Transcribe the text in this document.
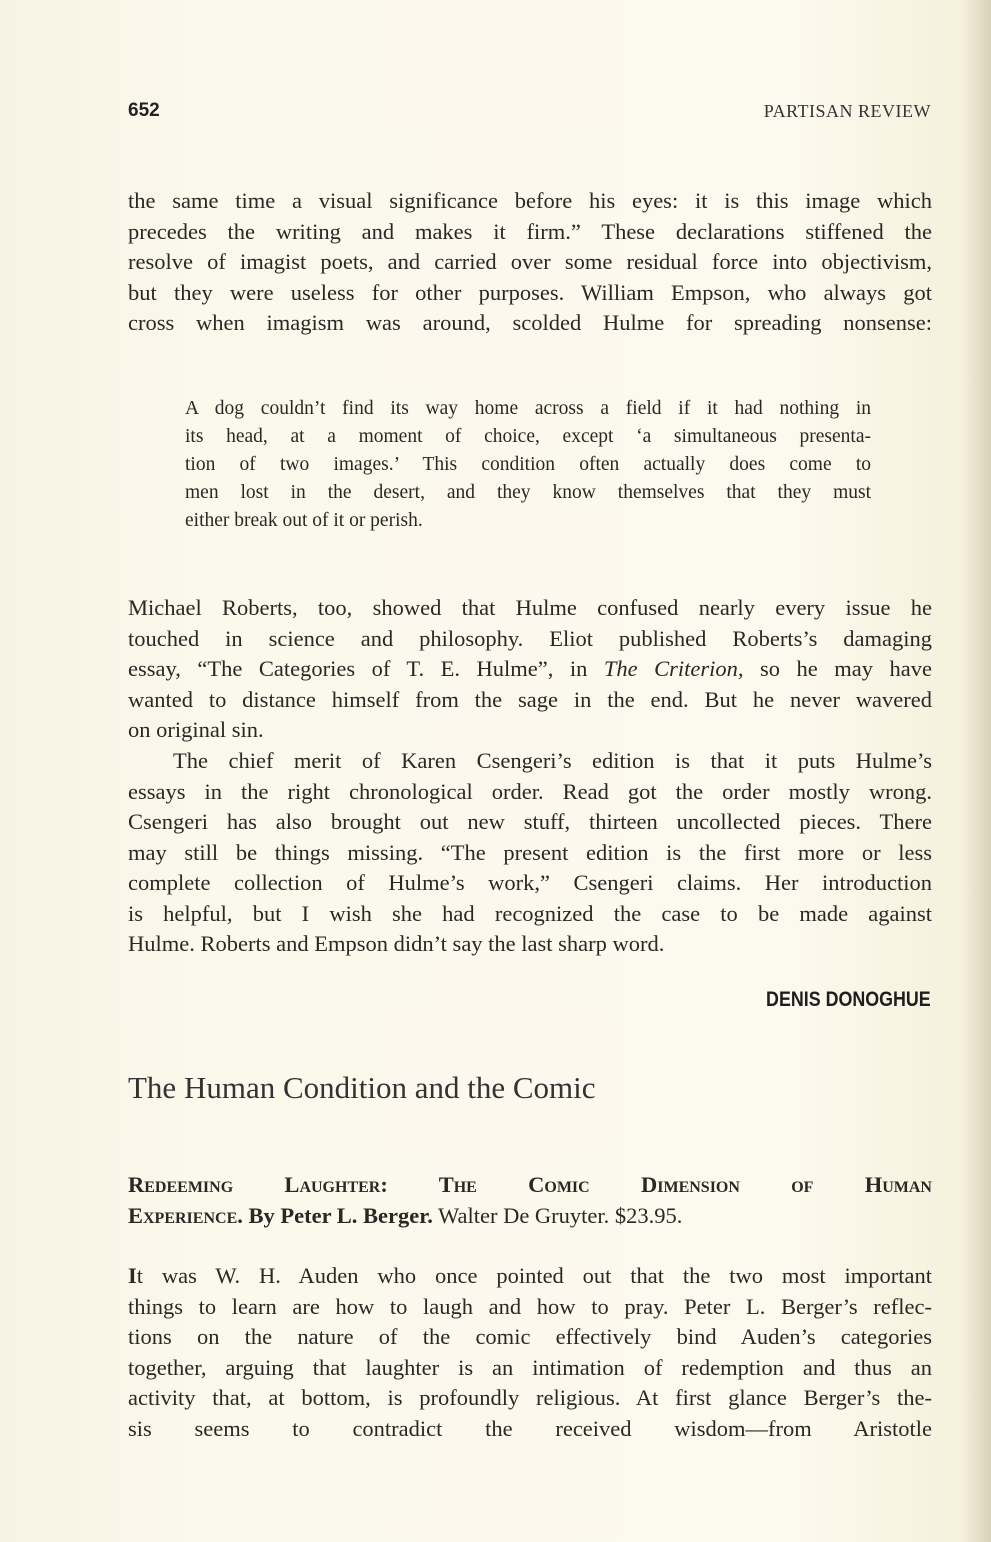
652	PARTISAN REVIEW
the same time a visual significance before his eyes: it is this image which
precedes the writing and makes it firm.” These declarations stiffened the
resolve of imagist poets, and carried over some residual force into objectivism,
but they were useless for other purposes. William Empson, who always got
cross when imagism was around, scolded Hulme for spreading nonsense:
A dog couldn’t find its way home across a field if it had nothing in
its head, at a moment of choice, except ‘a simultaneous presenta-
tion of two images.’ This condition often actually does come to
men lost in the desert, and they know themselves that they must
either break out of it or perish.
Michael Roberts, too, showed that Hulme confused nearly every issue he
touched in science and philosophy. Eliot published Roberts’s damaging
essay, “The Categories of T. E. Hulme”, in The Criterion, so he may have
wanted to distance himself from the sage in the end. But he never wavered
on original sin.
The chief merit of Karen Csengeri’s edition is that it puts Hulme’s
essays in the right chronological order. Read got the order mostly wrong.
Csengeri has also brought out new stuff, thirteen uncollected pieces. There
may still be things missing. “The present edition is the first more or less
complete collection of Hulme’s work,” Csengeri claims. Her introduction
is helpful, but I wish she had recognized the case to be made against
Hulme. Roberts and Empson didn’t say the last sharp word.
DENIS DONOGHUE
The Human Condition and the Comic
Redeeming Laughter: The Comic Dimension of Human
Experience. By Peter L. Berger. Walter De Gruyter. $23.95.
It was W. H. Auden who once pointed out that the two most important
things to learn are how to laugh and how to pray. Peter L. Berger’s reflec-
tions on the nature of the comic effectively bind Auden’s categories
together, arguing that laughter is an intimation of redemption and thus an
activity that, at bottom, is profoundly religious. At first glance Berger’s the-
sis seems to contradict the received wisdom—from Aristotle
